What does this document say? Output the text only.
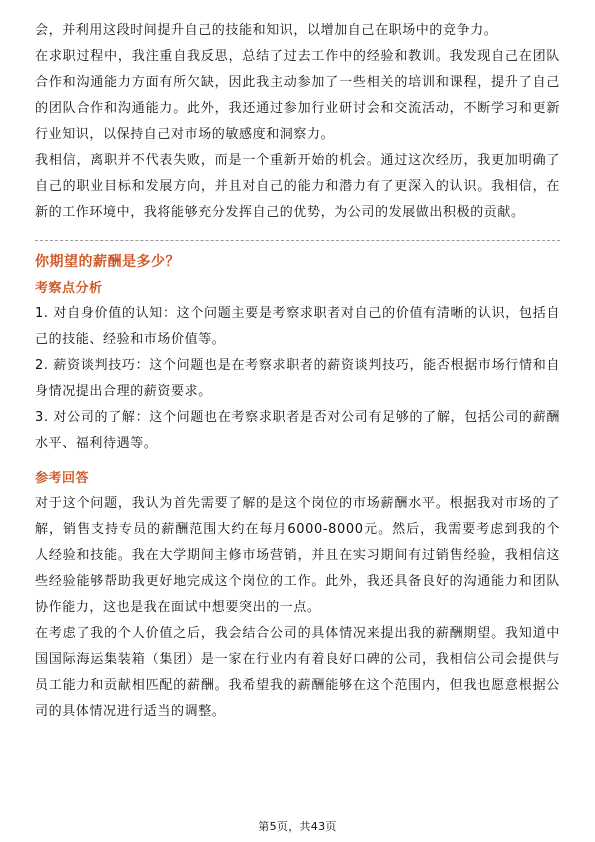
会，并利用这段时间提升自己的技能和知识，以增加自己在职场中的竞争力。

在求职过程中，我注重自我反思，总结了过去工作中的经验和教训。我发现自己在团队合作和沟通能力方面有所欠缺，因此我主动参加了一些相关的培训和课程，提升了自己的团队合作和沟通能力。此外，我还通过参加行业研讨会和交流活动，不断学习和更新行业知识，以保持自己对市场的敏感度和洞察力。

我相信，离职并不代表失败，而是一个重新开始的机会。通过这次经历，我更加明确了自己的职业目标和发展方向，并且对自己的能力和潜力有了更深入的认识。我相信，在新的工作环境中，我将能够充分发挥自己的优势，为公司的发展做出积极的贡献。

你期望的薪酬是多少？
考察点分析

1. 对自身价值的认知：这个问题主要是考察求职者对自己的价值有清晰的认识，包括自己的技能、经验和市场价值等。

2. 薪资谈判技巧：这个问题也是在考察求职者的薪资谈判技巧，能否根据市场行情和自身情况提出合理的薪资要求。

3. 对公司的了解：这个问题也在考察求职者是否对公司有足够的了解，包括公司的薪酬水平、福利待遇等。

参考回答

对于这个问题，我认为首先需要了解的是这个岗位的市场薪酬水平。根据我对市场的了解，销售支持专员的薪酬范围大约在每月6000-8000元。然后，我需要考虑到我的个人经验和技能。我在大学期间主修市场营销，并且在实习期间有过销售经验，我相信这些经验能够帮助我更好地完成这个岗位的工作。此外，我还具备良好的沟通能力和团队协作能力，这也是我在面试中想要突出的一点。

在考虑了我的个人价值之后，我会结合公司的具体情况来提出我的薪酬期望。我知道中国国际海运集装箱（集团）是一家在行业内有着良好口碑的公司，我相信公司会提供与员工能力和贡献相匹配的薪酬。我希望我的薪酬能够在这个范围内，但我也愿意根据公司的具体情况进行适当的调整。

第5页，共43页
